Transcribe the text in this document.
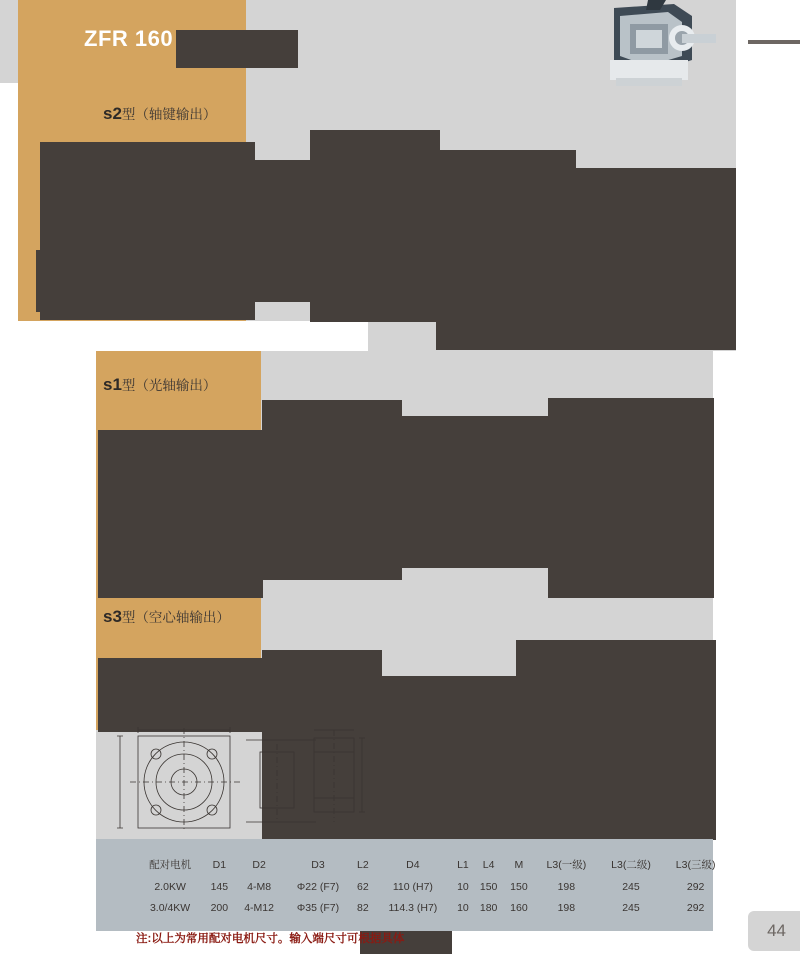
ZFR 160
s2型（轴键输出）
s1型（光轴输出）
s3型（空心轴输出）
配对电机	D1	D2	D3	L2	D4	L1	L4	M	L3(一级)	L3(二级)	L3(三级)
2.0KW	145	4-M8	Φ22 (F7)	62	110 (H7)	10	150	150	198	245	292
3.0/4KW	200	4-M12	Φ35 (F7)	82	114.3 (H7)	10	180	160	198	245	292
注:以上为常用配对电机尺寸。输入端尺寸可根据具体	44
